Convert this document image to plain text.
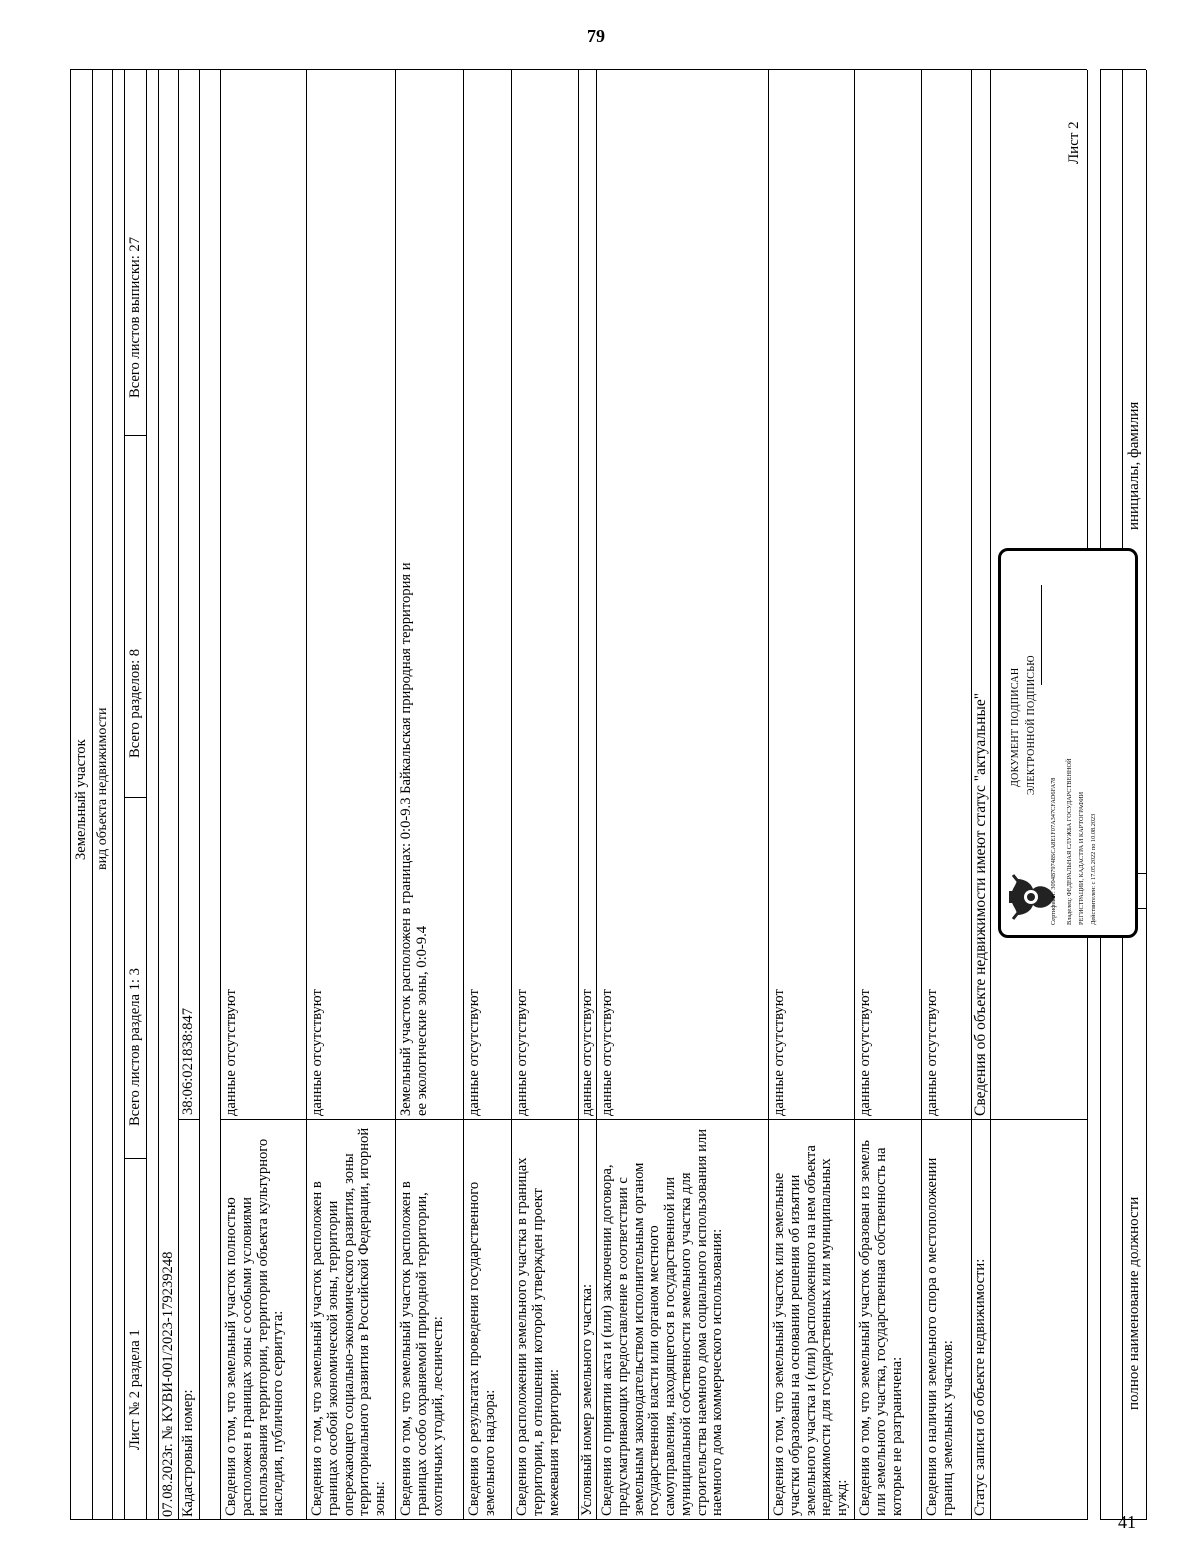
79
41
Лист 2
Земельный участок вид объекта недвижимости
Лист № 2 раздела 1
Всего листов раздела 1: 3
Всего разделов: 8
Всего листов выписки: 27
07.08.2023г. № КУВИ-001/2023-179239248 Кадастровый номер:
38:06:021838:847
Сведения о том, что земельный участок полностью расположен в границах зоны с особыми условиями использования территории, территории объекта культурного наследия, публичного сервитута:
данные отсутствуют
Сведения о том, что земельный участок расположен в границах особой экономической зоны, территории опережающего социально-экономического развития, зоны территориального развития в Российской Федерации, игорной зоны:
данные отсутствуют
Сведения о том, что земельный участок расположен в границах особо охраняемой природной территории, охотничьих угодий, лесничеств:
Земельный участок расположен в границах: 0:0-9.3 Байкальская природная территория и ее экологические зоны, 0:0-9.4
Сведения о результатах проведения государственного земельного надзора:
данные отсутствуют
Сведения о расположении земельного участка в границах территории, в отношении которой утвержден проект межевания территории:
данные отсутствуют
Условный номер земельного участка:
данные отсутствуют
Сведения о принятии акта и (или) заключении договора, предусматривающих предоставление в соответствии с земельным законодательством исполнительным органом государственной власти или органом местного самоуправления, находящегося в государственной или муниципальной собственности земельного участка для строительства наемного дома социального использования или наемного дома коммерческого использования:
данные отсутствуют
Сведения о том, что земельный участок или земельные участки образованы на основании решения об изъятии земельного участка и (или) расположенного на нем объекта недвижимости для государственных или муниципальных нужд:
данные отсутствуют
Сведения о том, что земельный участок образован из земель или земельного участка, государственная собственность на которые не разграничена:
данные отсутствуют
Сведения о наличии земельного спора о местоположении границ земельных участков:
данные отсутствуют
Статус записи об объекте недвижимости:
Сведения об объекте недвижимости имеют статус "актуальные"
полное наименование должности
инициалы, фамилия
ДОКУМЕНТ ПОДПИСАН ЭЛЕКТРОННОЙ ПОДПИСЬЮ
Сертификат: 3094B79748SCA8E1F07A347CFAD6FA78 Владелец: ФЕДЕРАЛЬНАЯ СЛУЖБА ГОСУДАРСТВЕННОЙ РЕГИСТРАЦИИ, КАДАСТРА И КАРТОГРАФИИ Действителен: с 17.05.2022 по 10.08.2023
